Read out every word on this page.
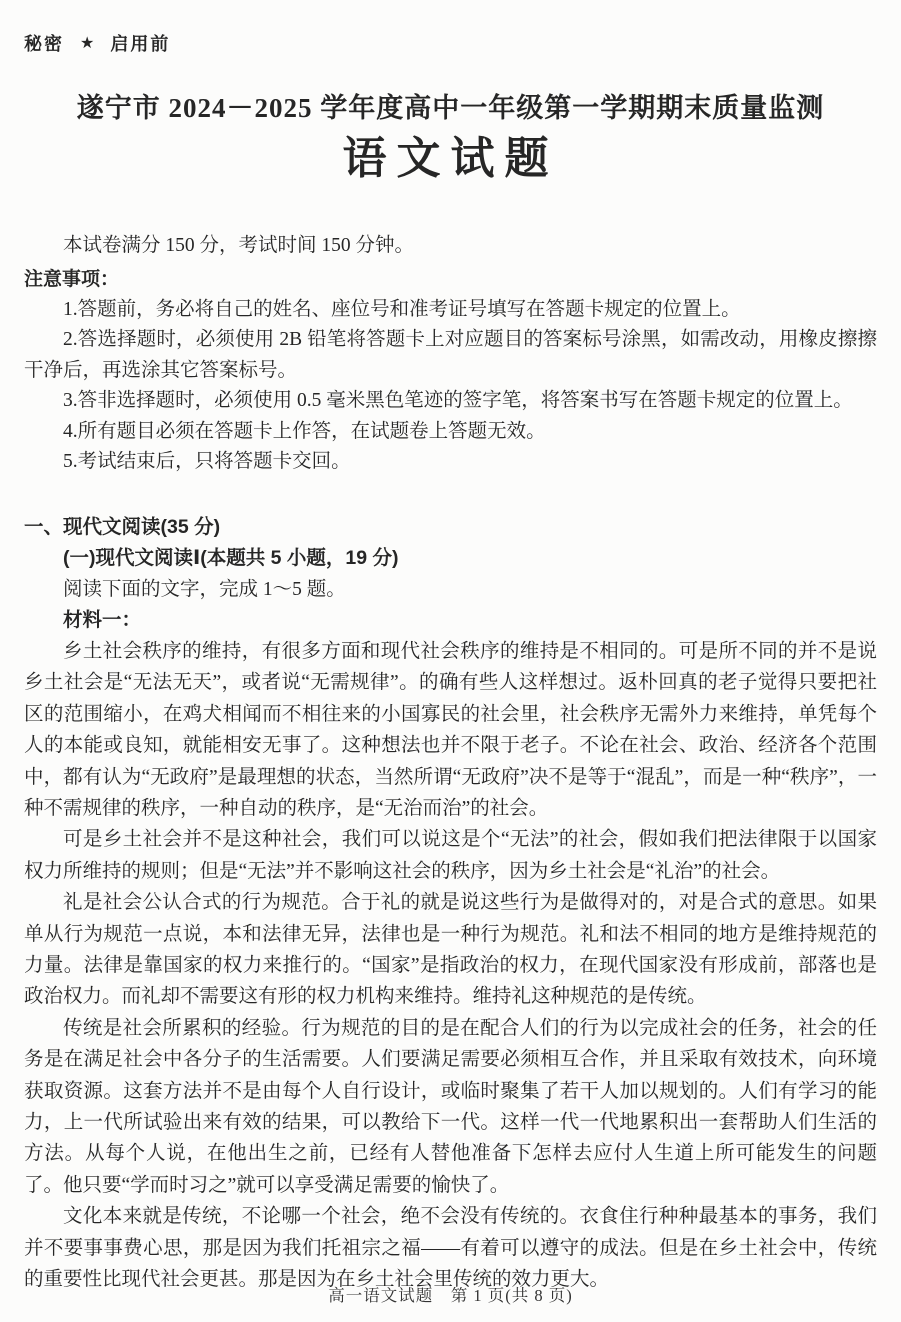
秘密 ★ 启用前
遂宁市 2024－2025 学年度高中一年级第一学期期末质量监测
语文试题

本试卷满分 150 分，考试时间 150 分钟。

注意事项：

1.答题前，务必将自己的姓名、座位号和准考证号填写在答题卡规定的位置上。

2.答选择题时，必须使用 2B 铅笔将答题卡上对应题目的答案标号涂黑，如需改动，用橡皮擦擦干净后，再选涂其它答案标号。

3.答非选择题时，必须使用 0.5 毫米黑色笔迹的签字笔，将答案书写在答题卡规定的位置上。

4.所有题目必须在答题卡上作答，在试题卷上答题无效。

5.考试结束后，只将答题卡交回。

一、现代文阅读(35 分)

(一)现代文阅读Ⅰ(本题共 5 小题，19 分)

阅读下面的文字，完成 1～5 题。

材料一：

乡土社会秩序的维持，有很多方面和现代社会秩序的维持是不相同的。可是所不同的并不是说乡土社会是“无法无天”，或者说“无需规律”。的确有些人这样想过。返朴回真的老子觉得只要把社区的范围缩小，在鸡犬相闻而不相往来的小国寡民的社会里，社会秩序无需外力来维持，单凭每个人的本能或良知，就能相安无事了。这种想法也并不限于老子。不论在社会、政治、经济各个范围中，都有认为“无政府”是最理想的状态，当然所谓“无政府”决不是等于“混乱”，而是一种“秩序”，一种不需规律的秩序，一种自动的秩序，是“无治而治”的社会。

可是乡土社会并不是这种社会，我们可以说这是个“无法”的社会，假如我们把法律限于以国家权力所维持的规则；但是“无法”并不影响这社会的秩序，因为乡土社会是“礼治”的社会。

礼是社会公认合式的行为规范。合于礼的就是说这些行为是做得对的，对是合式的意思。如果单从行为规范一点说，本和法律无异，法律也是一种行为规范。礼和法不相同的地方是维持规范的力量。法律是靠国家的权力来推行的。“国家”是指政治的权力，在现代国家没有形成前，部落也是政治权力。而礼却不需要这有形的权力机构来维持。维持礼这种规范的是传统。

传统是社会所累积的经验。行为规范的目的是在配合人们的行为以完成社会的任务，社会的任务是在满足社会中各分子的生活需要。人们要满足需要必须相互合作，并且采取有效技术，向环境获取资源。这套方法并不是由每个人自行设计，或临时聚集了若干人加以规划的。人们有学习的能力，上一代所试验出来有效的结果，可以教给下一代。这样一代一代地累积出一套帮助人们生活的方法。从每个人说，在他出生之前，已经有人替他准备下怎样去应付人生道上所可能发生的问题了。他只要“学而时习之”就可以享受满足需要的愉快了。

文化本来就是传统，不论哪一个社会，绝不会没有传统的。衣食住行种种最基本的事务，我们并不要事事费心思，那是因为我们托祖宗之福——有着可以遵守的成法。但是在乡土社会中，传统的重要性比现代社会更甚。那是因为在乡土社会里传统的效力更大。

高一语文试题　第 1 页(共 8 页)
